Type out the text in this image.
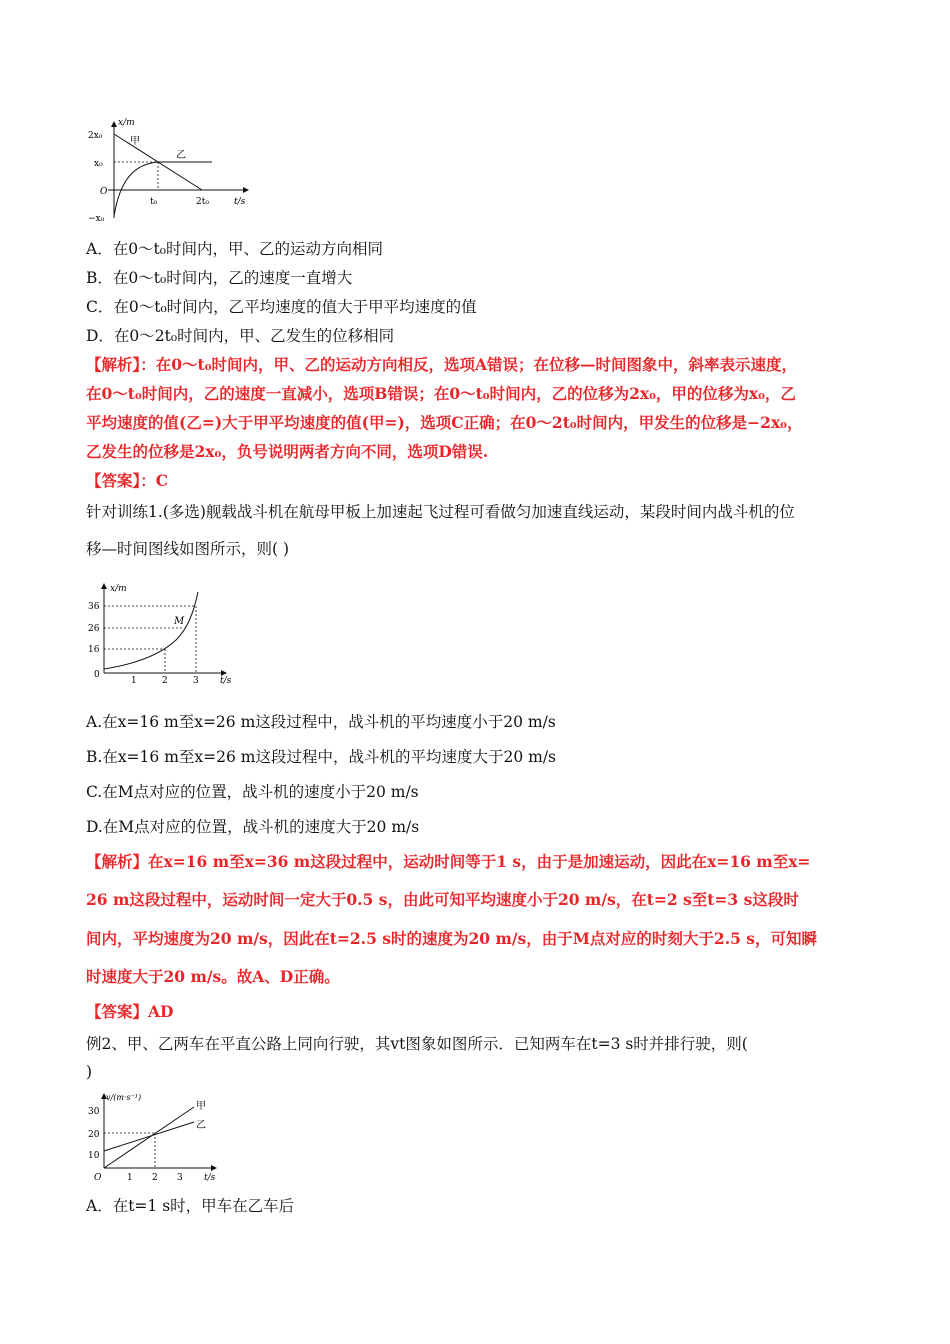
x/m
t/s
2x₀
x₀
O
−x₀
t₀	2t₀
甲
乙
A．在0～t₀时间内，甲、乙的运动方向相同
B．在0～t₀时间内，乙的速度一直增大
C．在0～t₀时间内，乙平均速度的值大于甲平均速度的值
D．在0～2t₀时间内，甲、乙发生的位移相同
【解析】：在0～t₀时间内，甲、乙的运动方向相反，选项A错误；在位移—时间图象中，斜率表示速度，
在0～t₀时间内，乙的速度一直减小，选项B错误；在0～t₀时间内，乙的位移为2x₀，甲的位移为x₀，乙
平均速度的值(乙=)大于甲平均速度的值(甲=)，选项C正确；在0～2t₀时间内，甲发生的位移是−2x₀，
乙发生的位移是2x₀，负号说明两者方向不同，选项D错误.
【答案】：C
针对训练1.(多选)舰载战斗机在航母甲板上加速起飞过程可看做匀加速直线运动，某段时间内战斗机的位
移—时间图线如图所示，则( )
x/m
t/s
36
26
16
0
1	2	3
M
A.在x=16 m至x=26 m这段过程中，战斗机的平均速度小于20 m/s
B.在x=16 m至x=26 m这段过程中，战斗机的平均速度大于20 m/s
C.在M点对应的位置，战斗机的速度小于20 m/s
D.在M点对应的位置，战斗机的速度大于20 m/s
【解析】在x=16 m至x=36 m这段过程中，运动时间等于1 s，由于是加速运动，因此在x=16 m至x=
26 m这段过程中，运动时间一定大于0.5 s，由此可知平均速度小于20 m/s，在t=2 s至t=3 s这段时
间内，平均速度为20 m/s，因此在t=2.5 s时的速度为20 m/s，由于M点对应的时刻大于2.5 s，可知瞬
时速度大于20 m/s。故A、D正确。
【答案】AD
例2、甲、乙两车在平直公路上同向行驶，其vt图象如图所示．已知两车在t=3 s时并排行驶，则(
)
v/(m·s⁻¹)
t/s
30
20
10
O	1 2 3
甲
乙
A．在t=1 s时，甲车在乙车后
